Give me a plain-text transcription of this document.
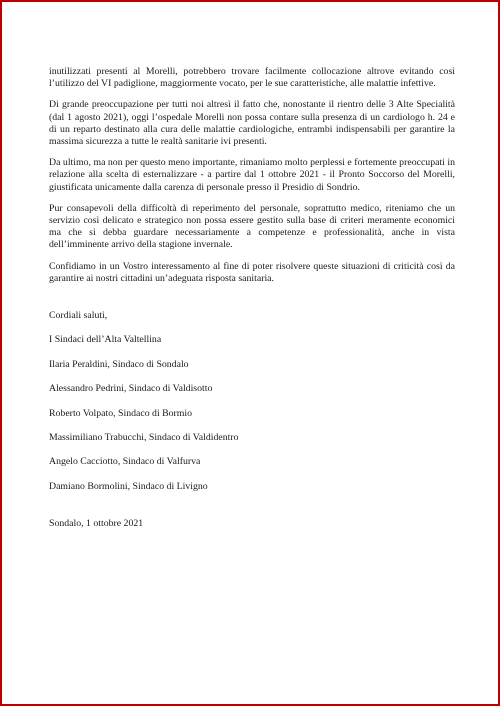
inutilizzati presenti al Morelli, potrebbero trovare facilmente collocazione altrove evitando così l’utilizzo del VI padiglione, maggiormente vocato, per le sue caratteristiche, alle malattie infettive.

Di grande preoccupazione per tutti noi altresì il fatto che, nonostante il rientro delle 3 Alte Specialità (dal 1 agosto 2021), oggi l’ospedale Morelli non possa contare sulla presenza di un cardiologo h. 24 e di un reparto destinato alla cura delle malattie cardiologiche, entrambi indispensabili per garantire la massima sicurezza a tutte le realtà sanitarie ivi presenti.

Da ultimo, ma non per questo meno importante, rimaniamo molto perplessi e fortemente preoccupati in relazione alla scelta di esternalizzare - a partire dal 1 ottobre 2021 - il Pronto Soccorso del Morelli, giustificata unicamente dalla carenza di personale presso il Presidio di Sondrio.

Pur consapevoli della difficoltà di reperimento del personale, soprattutto medico, riteniamo che un servizio così delicato e strategico non possa essere gestito sulla base di criteri meramente economici ma che si debba guardare necessariamente a competenze e professionalità, anche in vista dell’imminente arrivo della stagione invernale.

Confidiamo in un Vostro interessamento al fine di poter risolvere queste situazioni di criticità così da garantire ai nostri cittadini un’adeguata risposta sanitaria.

Cordiali saluti,

I Sindaci dell’Alta Valtellina

Ilaria Peraldini, Sindaco di Sondalo

Alessandro Pedrini, Sindaco di Valdisotto

Roberto Volpato, Sindaco di Bormio

Massimiliano Trabucchi, Sindaco di Valdidentro

Angelo Cacciotto, Sindaco di Valfurva

Damiano Bormolini, Sindaco di Livigno

Sondalo, 1 ottobre 2021
